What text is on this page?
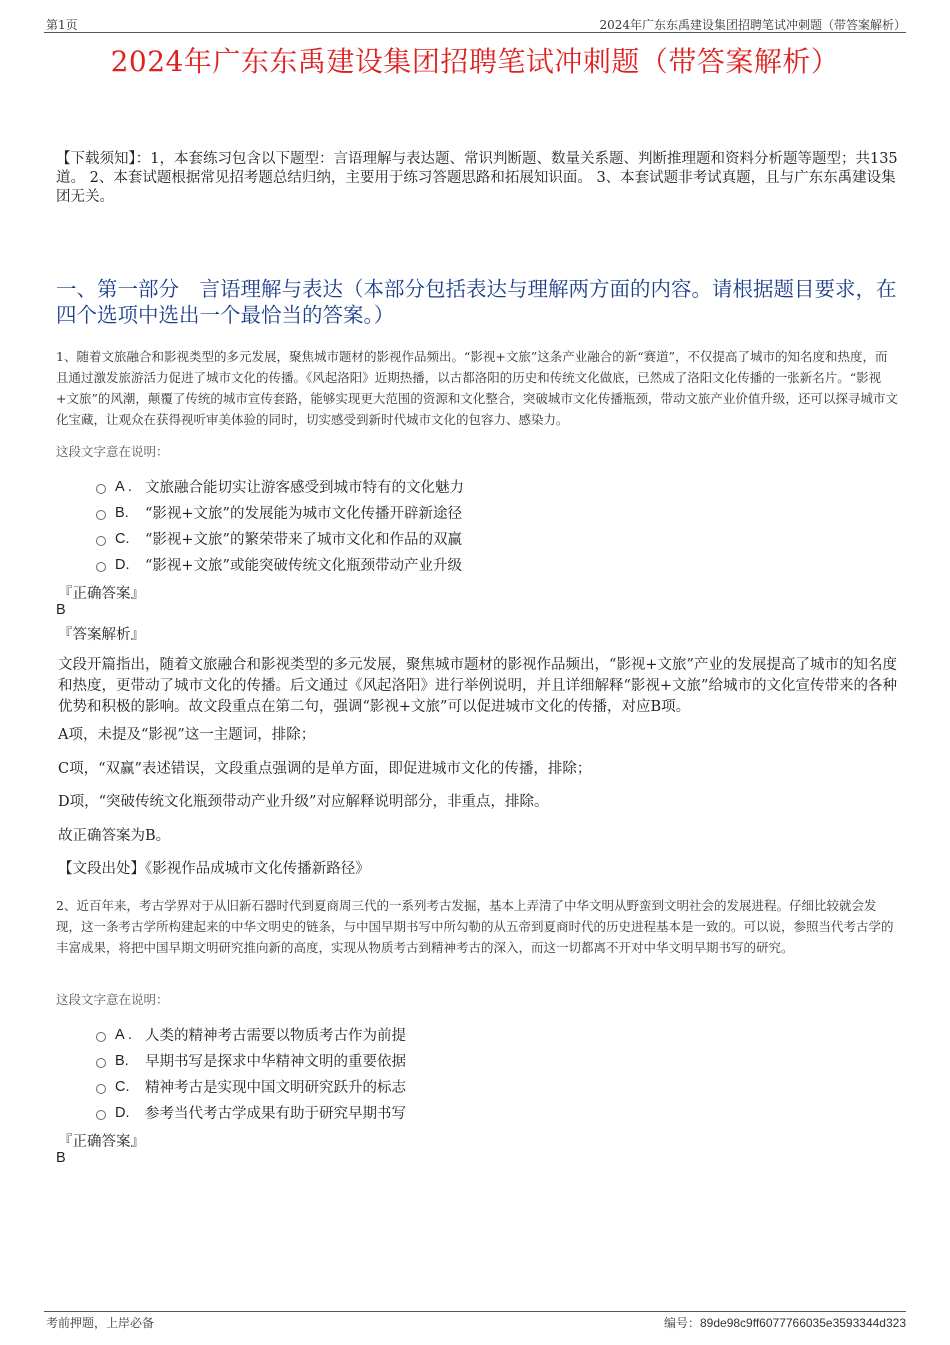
第1页	2024年广东东禹建设集团招聘笔试冲刺题（带答案解析）
2024年广东东禹建设集团招聘笔试冲刺题（带答案解析）
【下载须知】：1，本套练习包含以下题型：言语理解与表达题、常识判断题、数量关系题、判断推理题和资料分析题等题型；共135道。 2、本套试题根据常见招考题总结归纳，主要用于练习答题思路和拓展知识面。 3、本套试题非考试真题，且与广东东禹建设集团无关。
一、第一部分　言语理解与表达（本部分包括表达与理解两方面的内容。请根据题目要求，在四个选项中选出一个最恰当的答案。）
1、随着文旅融合和影视类型的多元发展，聚焦城市题材的影视作品频出。“影视+文旅”这条产业融合的新“赛道”，不仅提高了城市的知名度和热度，而且通过激发旅游活力促进了城市文化的传播。《风起洛阳》近期热播，以古都洛阳的历史和传统文化做底，已然成了洛阳文化传播的一张新名片。“影视+文旅”的风潮，颠覆了传统的城市宣传套路，能够实现更大范围的资源和文化整合，突破城市文化传播瓶颈，带动文旅产业价值升级，还可以探寻城市文化宝藏，让观众在获得视听审美体验的同时，切实感受到新时代城市文化的包容力、感染力。
这段文字意在说明：
A . 文旅融合能切实让游客感受到城市特有的文化魅力
B.	“影视+文旅”的发展能为城市文化传播开辟新途径
C.	“影视+文旅”的繁荣带来了城市文化和作品的双赢
D.	“影视+文旅”或能突破传统文化瓶颈带动产业升级
『正确答案』
B
『答案解析』
文段开篇指出，随着文旅融合和影视类型的多元发展，聚焦城市题材的影视作品频出，“影视+文旅”产业的发展提高了城市的知名度和热度，更带动了城市文化的传播。后文通过《风起洛阳》进行举例说明，并且详细解释“影视+文旅”给城市的文化宣传带来的各种优势和积极的影响。故文段重点在第二句，强调“影视+文旅”可以促进城市文化的传播，对应B项。
A项，未提及“影视”这一主题词，排除；
C项，“双赢”表述错误，文段重点强调的是单方面，即促进城市文化的传播，排除；
D项，“突破传统文化瓶颈带动产业升级”对应解释说明部分，非重点，排除。
故正确答案为B。
【文段出处】《影视作品成城市文化传播新路径》
2、近百年来，考古学界对于从旧新石器时代到夏商周三代的一系列考古发掘，基本上弄清了中华文明从野蛮到文明社会的发展进程。仔细比较就会发现，这一条考古学所构建起来的中华文明史的链条，与中国早期书写中所勾勒的从五帝到夏商时代的历史进程基本是一致的。可以说，参照当代考古学的丰富成果，将把中国早期文明研究推向新的高度，实现从物质考古到精神考古的深入，而这一切都离不开对中华文明早期书写的研究。
这段文字意在说明：
A . 人类的精神考古需要以物质考古作为前提
B.	早期书写是探求中华精神文明的重要依据
C.	精神考古是实现中国文明研究跃升的标志
D.	参考当代考古学成果有助于研究早期书写
『正确答案』
B
考前押题，上岸必备	编号：89de98c9ff6077766035e3593344d323
